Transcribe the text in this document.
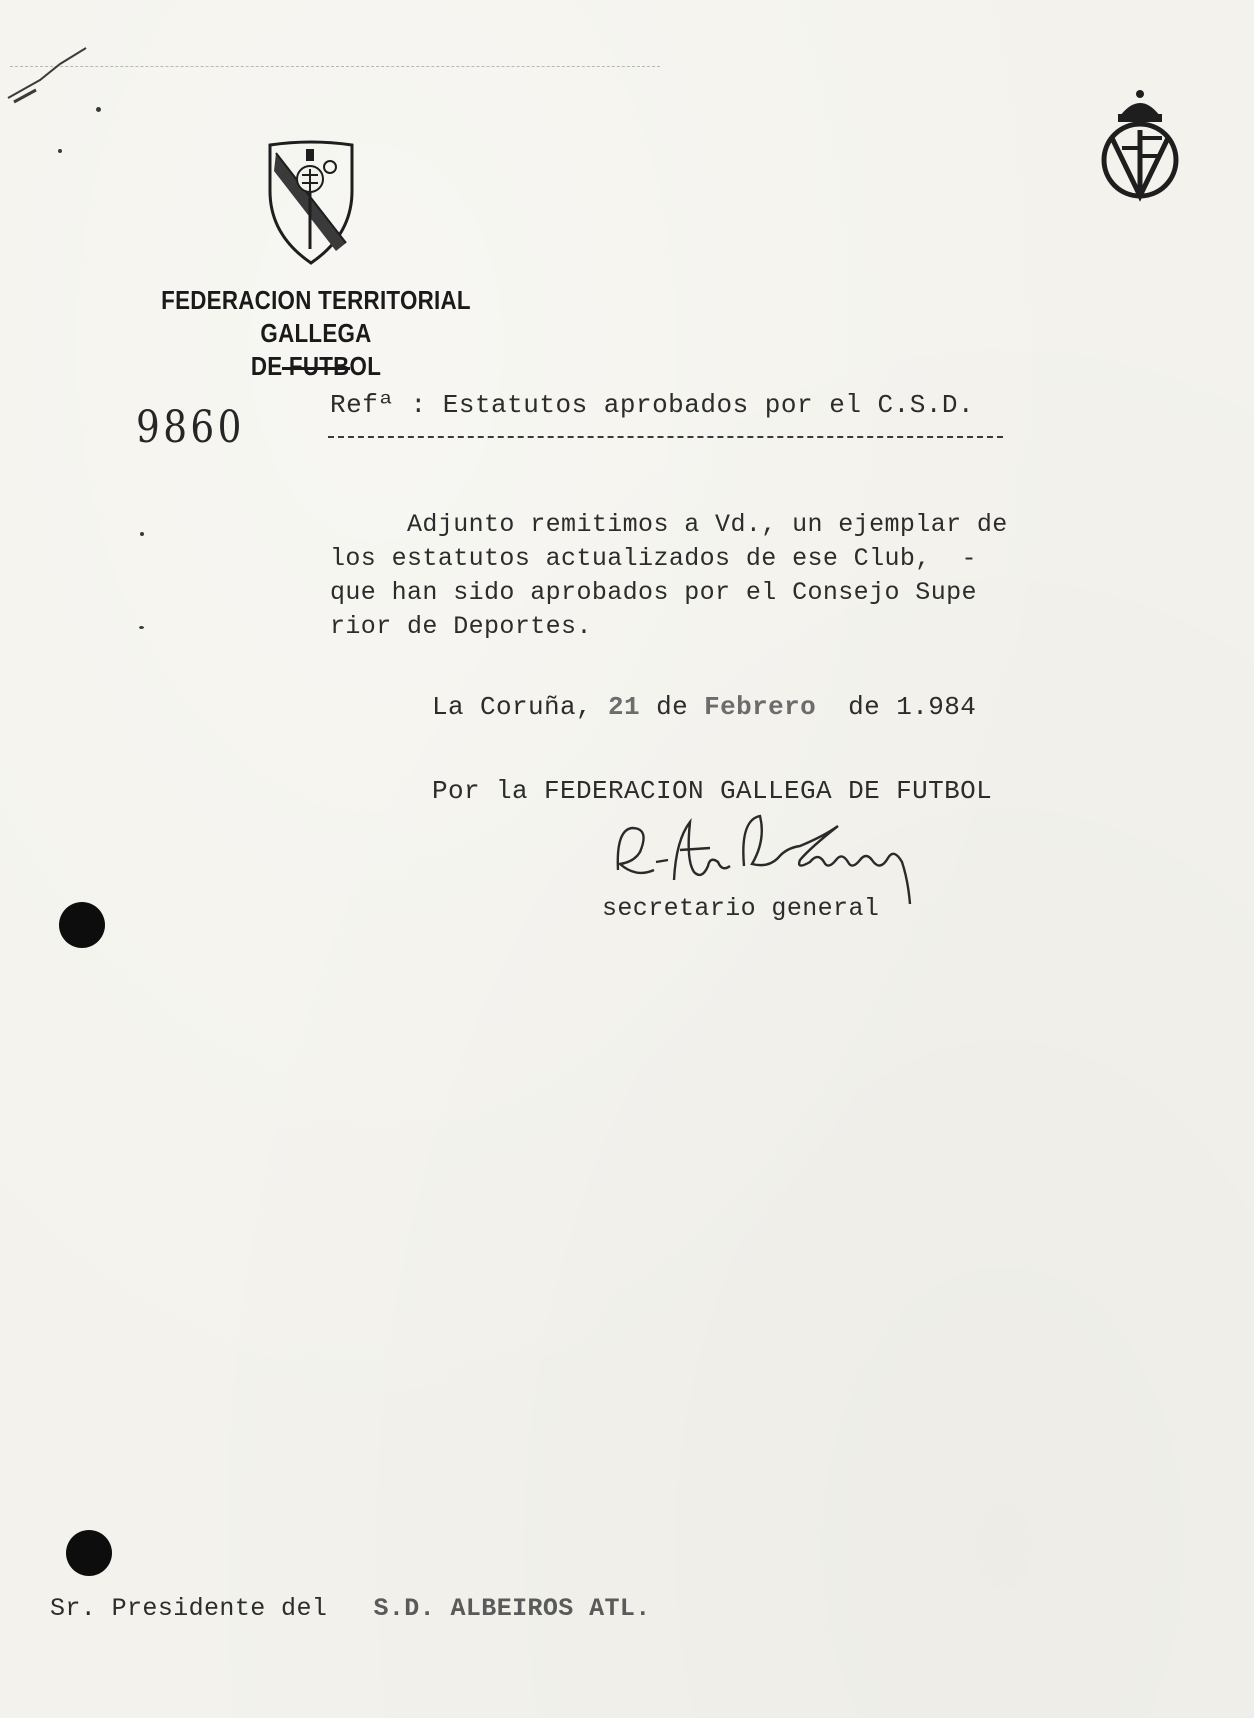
FEDERACION TERRITORIAL GALLEGA
DE FUTBOL
9860	Refª : Estatutos aprobados por el C.S.D.
Adjunto remitimos a Vd., un ejemplar de
los estatutos actualizados de ese Club,  -
que han sido aprobados por el Consejo Supe
rior de Deportes.
La Coruña, 21 de Febrero de 1.984
Por la FEDERACION GALLEGA DE FUTBOL
secretario general
Sr. Presidente del S.D. ALBEIROS ATL.
